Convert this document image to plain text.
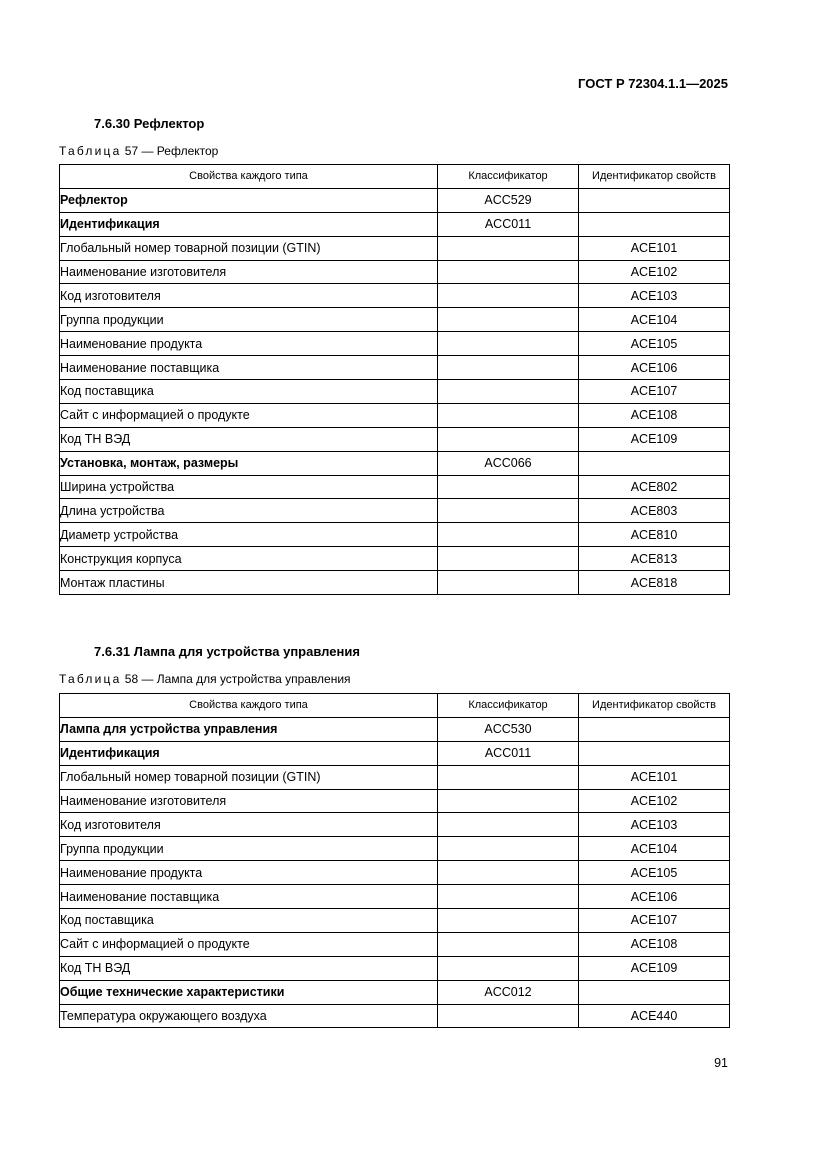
ГОСТ Р 72304.1.1—2025
7.6.30 Рефлектор
Таблица 57 — Рефлектор
Свойства каждого типа	Классификатор	Идентификатор свойств
Рефлектор	ACC529	
Идентификация	ACC011	
Глобальный номер товарной позиции (GTIN)		ACE101
Наименование изготовителя		ACE102
Код изготовителя		ACE103
Группа продукции		ACE104
Наименование продукта		ACE105
Наименование поставщика		ACE106
Код поставщика		ACE107
Сайт с информацией о продукте		ACE108
Код ТН ВЭД		ACE109
Установка, монтаж, размеры	ACC066	
Ширина устройства		ACE802
Длина устройства		ACE803
Диаметр устройства		ACE810
Конструкция корпуса		ACE813
Монтаж пластины		ACE818
7.6.31 Лампа для устройства управления
Таблица 58 — Лампа для устройства управления
Свойства каждого типа	Классификатор	Идентификатор свойств
Лампа для устройства управления	ACC530	
Идентификация	ACC011	
Глобальный номер товарной позиции (GTIN)		ACE101
Наименование изготовителя		ACE102
Код изготовителя		ACE103
Группа продукции		ACE104
Наименование продукта		ACE105
Наименование поставщика		ACE106
Код поставщика		ACE107
Сайт с информацией о продукте		ACE108
Код ТН ВЭД		ACE109
Общие технические характеристики	ACC012	
Температура окружающего воздуха		ACE440
91
